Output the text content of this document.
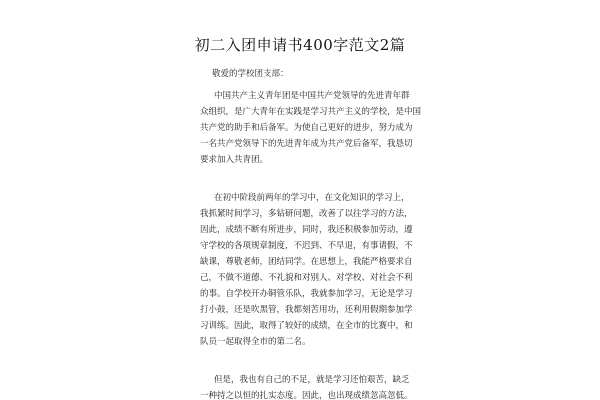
初二入团申请书400字范文2篇
敬爱的学校团支部：
中国共产主义青年团是中国共产党领导的先进青年群
众组织，是广大青年在实践是学习共产主义的学校，是中国
共产党的助手和后备军。为使自己更好的进步，努力成为
一名共产党领导下的先进青年成为共产党后备军，我恳切
要求加入共青团。
在初中阶段前两年的学习中，在文化知识的学习上，
我抓紧时间学习，多钻研问题，改善了以往学习的方法，
因此，成绩不断有所进步，同时，我还积极参加劳动，遵
守学校的各项规章制度，不迟到、不早退，有事请假，不
缺课，尊敬老师，团结同学。在思想上，我能严格要求自
己，不做不道德、不礼貌和对别人、对学校、对社会不利
的事。自学校开办铜管乐队，我就参加学习，无论是学习
打小鼓，还是吹黑管，我都刻苦用功，还利用假期参加学
习训练。因此，取得了较好的成绩，在全市的比赛中，和
队员一起取得全市的第二名。
但是，我也有自己的不足，就是学习还怕艰苦，缺乏
一种持之以恒的扎实态度。因此，也出现成绩忽高忽低。
